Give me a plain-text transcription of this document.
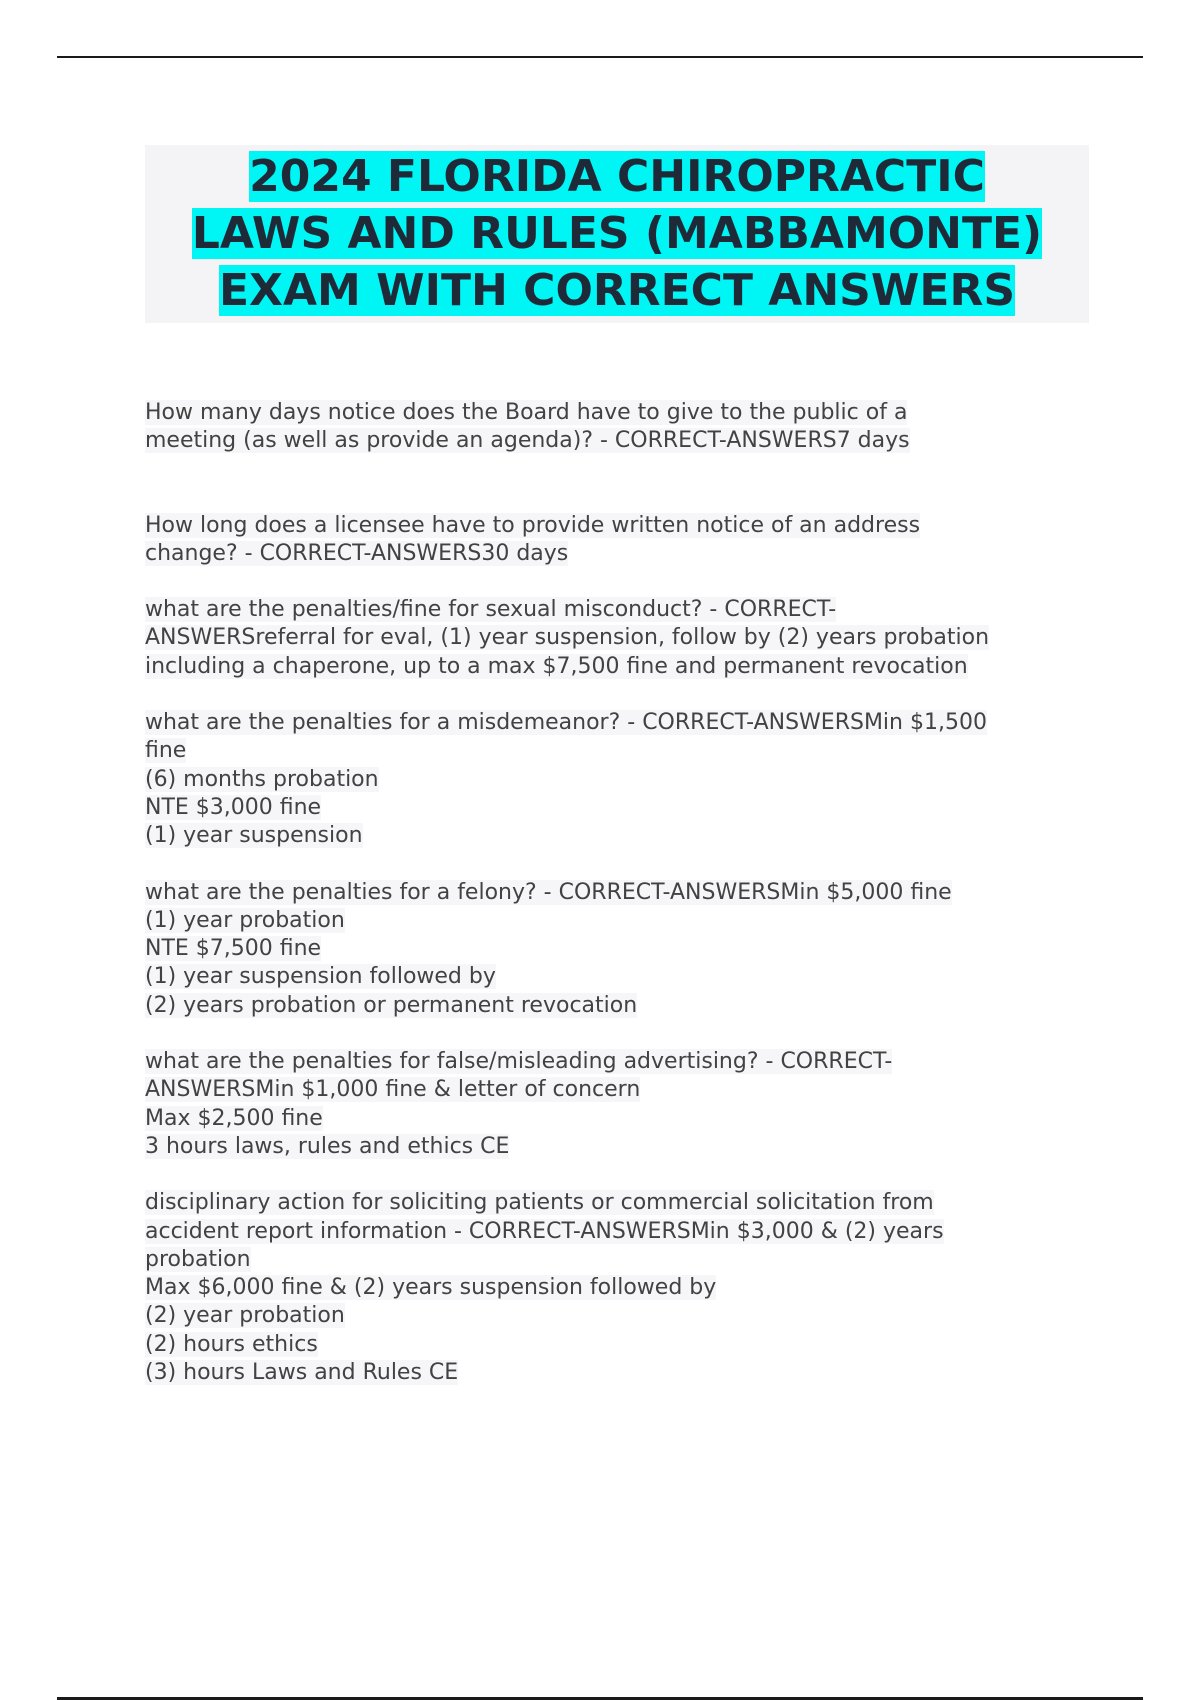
2024 FLORIDA CHIROPRACTIC
LAWS AND RULES (MABBAMONTE)
EXAM WITH CORRECT ANSWERS

How many days notice does the Board have to give to the public of a
meeting (as well as provide an agenda)? - CORRECT-ANSWERS7 days

How long does a licensee have to provide written notice of an address
change? - CORRECT-ANSWERS30 days

what are the penalties/fine for sexual misconduct? - CORRECT-
ANSWERSreferral for eval, (1) year suspension, follow by (2) years probation
including a chaperone, up to a max $7,500 fine and permanent revocation

what are the penalties for a misdemeanor? - CORRECT-ANSWERSMin $1,500
fine
(6) months probation
NTE $3,000 fine
(1) year suspension

what are the penalties for a felony? - CORRECT-ANSWERSMin $5,000 fine
(1) year probation
NTE $7,500 fine
(1) year suspension followed by
(2) years probation or permanent revocation

what are the penalties for false/misleading advertising? - CORRECT-
ANSWERSMin $1,000 fine & letter of concern
Max $2,500 fine
3 hours laws, rules and ethics CE

disciplinary action for soliciting patients or commercial solicitation from
accident report information - CORRECT-ANSWERSMin $3,000 & (2) years
probation
Max $6,000 fine & (2) years suspension followed by
(2) year probation
(2) hours ethics
(3) hours Laws and Rules CE
